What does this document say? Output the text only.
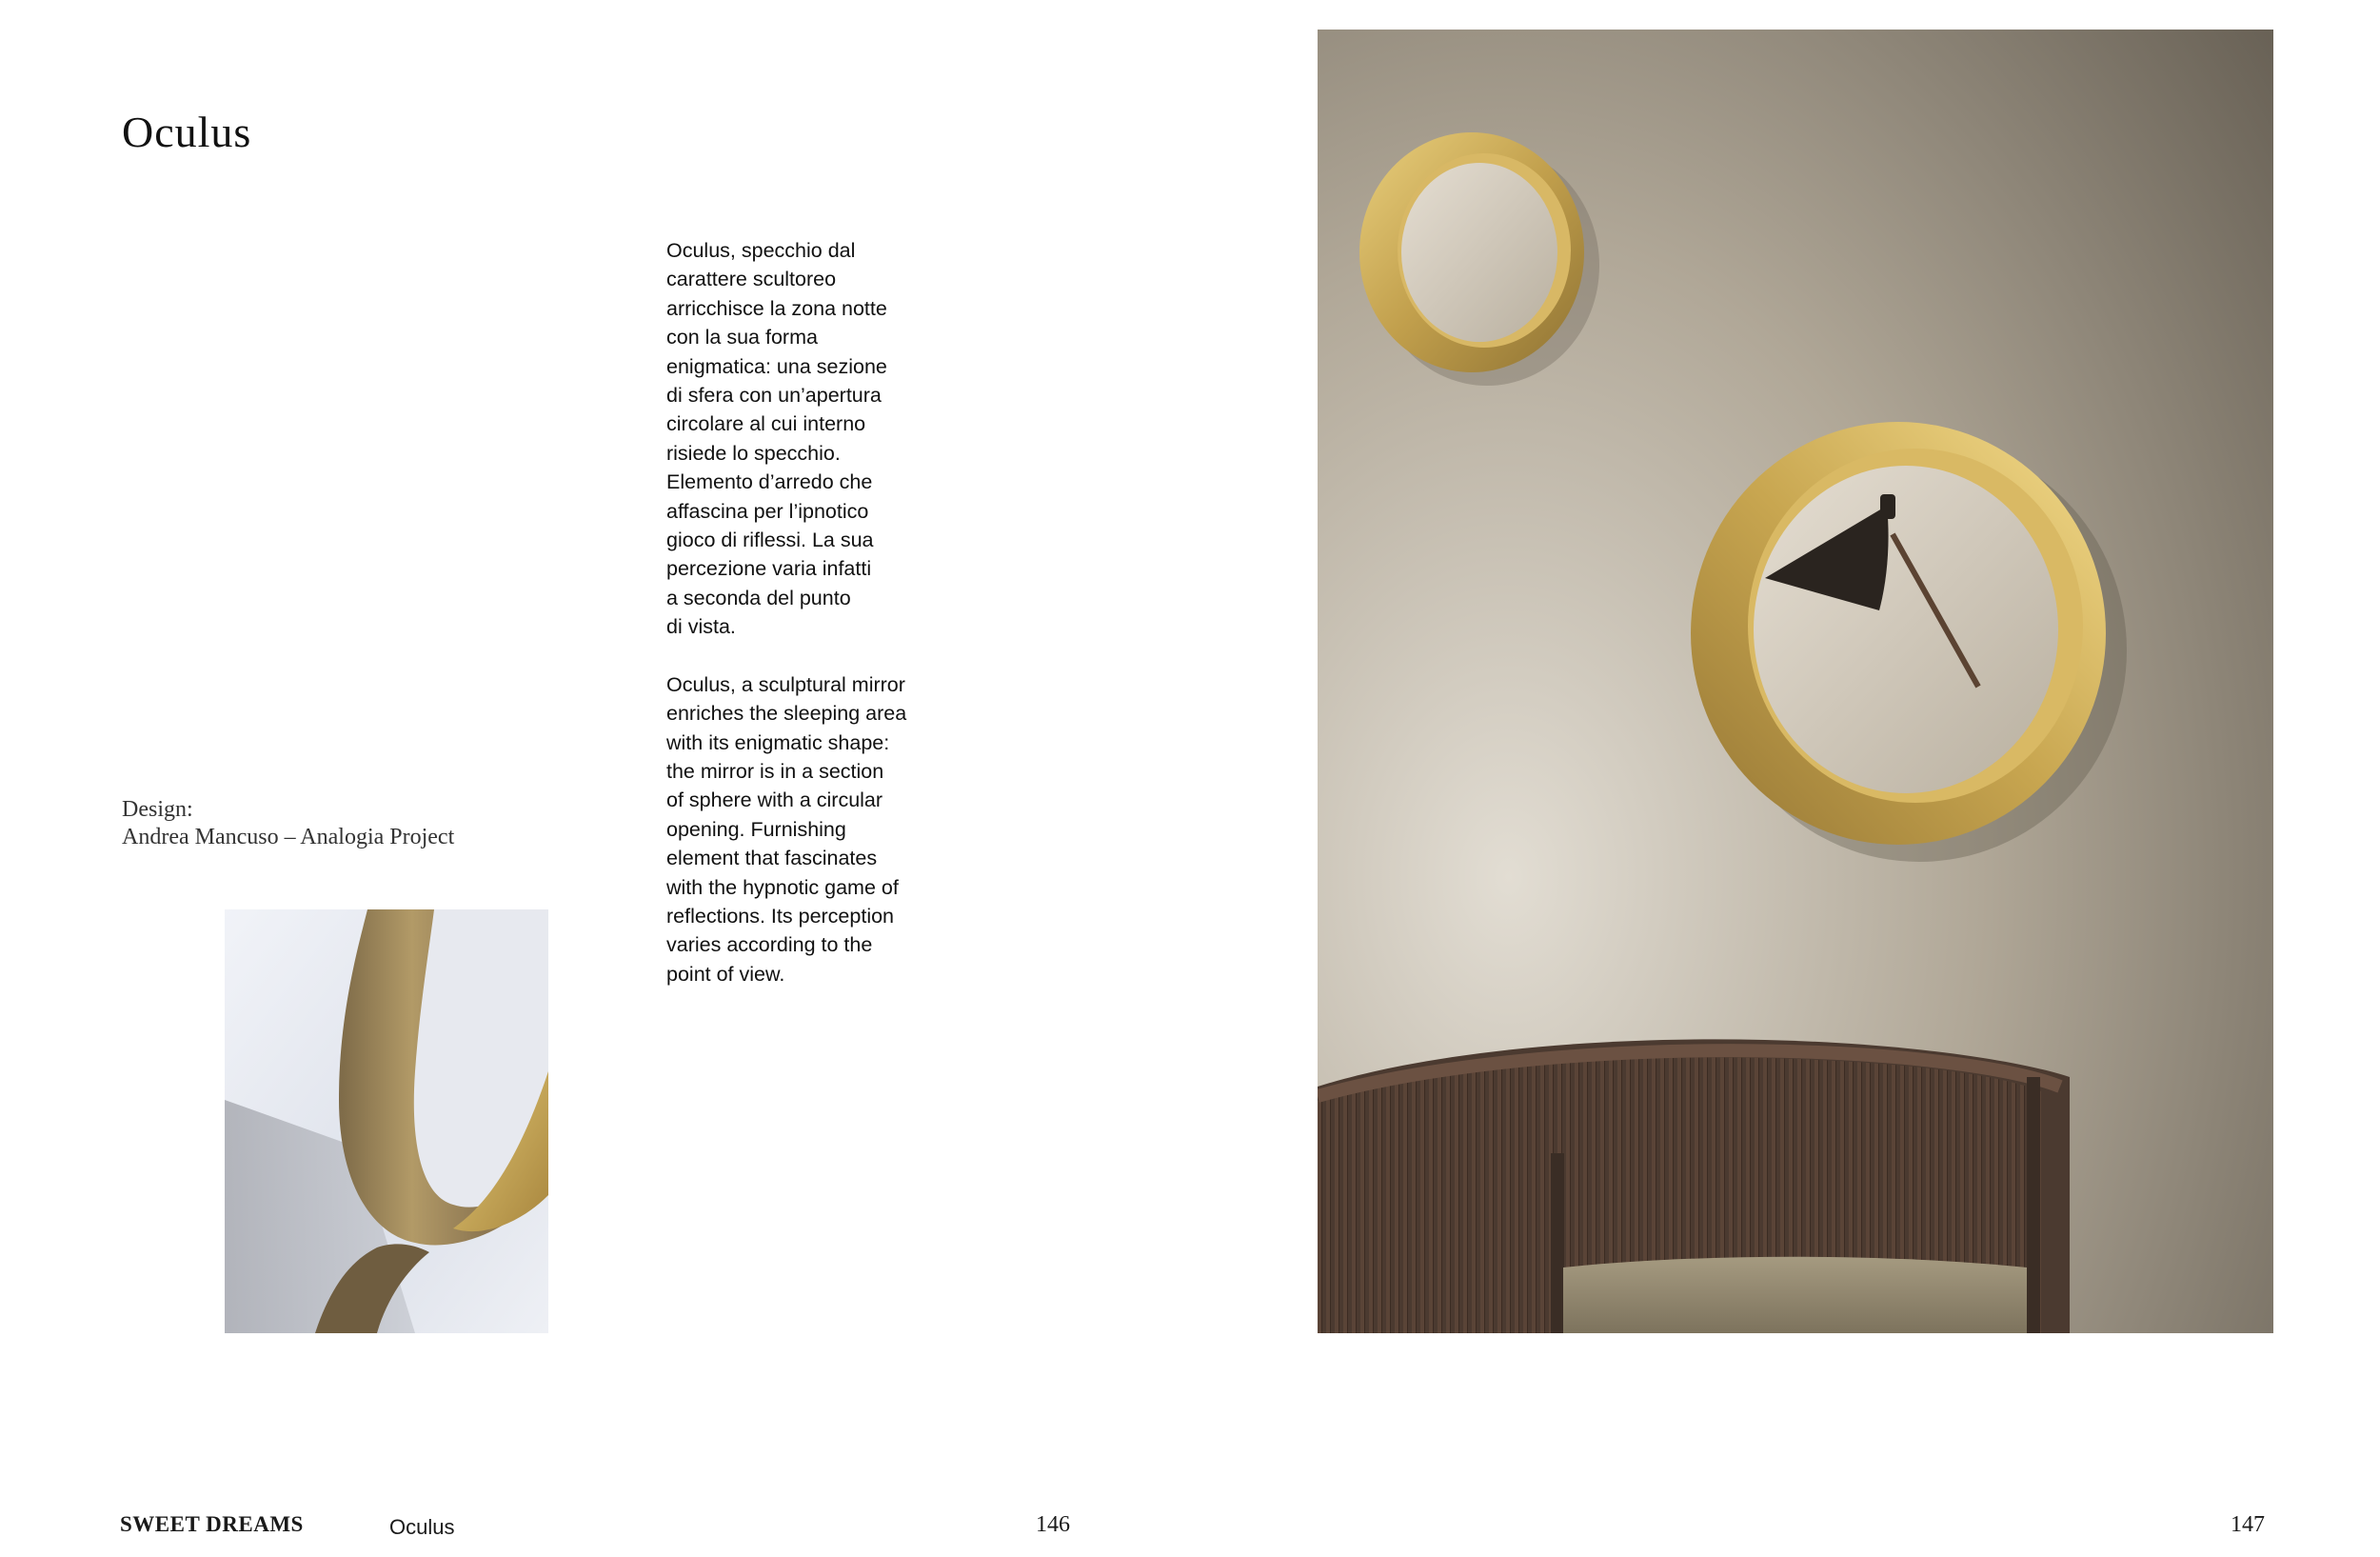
Oculus

Oculus, specchio dal
carattere scultoreo
arricchisce la zona notte
con la sua forma
enigmatica: una sezione
di sfera con un’apertura
circolare al cui interno
risiede lo specchio.
Elemento d’arredo che
affascina per l’ipnotico
gioco di riflessi. La sua
percezione varia infatti
a seconda del punto
di vista.

Oculus, a sculptural mirror
enriches the sleeping area
with its enigmatic shape:
the mirror is in a section
of sphere with a circular
opening. Furnishing
element that fascinates
with the hypnotic game of
reflections. Its perception
varies according to the
point of view.

Design:
Andrea Mancuso – Analogia Project
SWEET DREAMS	Oculus	146	147
